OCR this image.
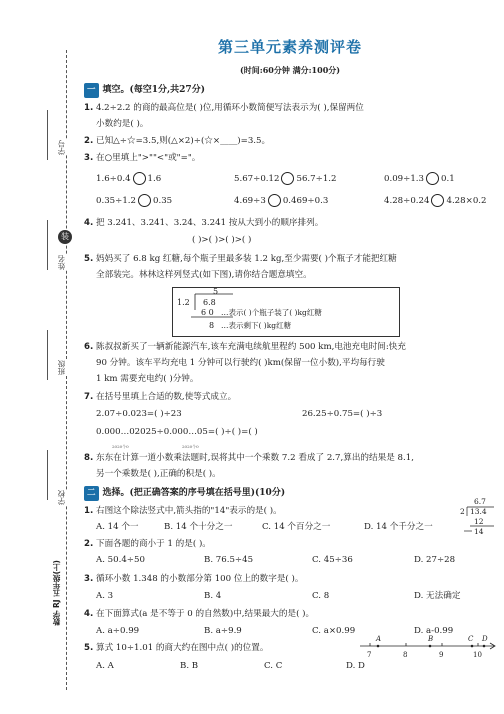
学号
姓名
班级
学校
装
数学 RJ 五年级(上)
第三单元素养测评卷
(时间:60分钟 满分:100分)
一 填空。(每空1分,共27分)
1. 4.2÷2.2 的商的最高位是( )位,用循环小数简便写法表示为( ),保留两位
小数约是( )。
2. 已知△÷☆=3.5,则(△×2)÷(☆×____)=3.5。
3. 在○里填上">""<"或"="。
1.6÷0.4 1.6	5.67÷0.12 56.7÷1.2	0.09÷1.3 0.1
0.35÷1.2 0.35	4.69÷3 0.469÷0.3	4.28÷0.24 4.28×0.2
4. 把 3.241、3.241、3.24、3.241 按从大到小的顺序排列。
( )>( )>( )>( )
5. 妈妈买了 6.8 kg 红糖,每个瓶子里最多装 1.2 kg,至少需要( )个瓶子才能把红糖
全部装完。林林这样列竖式(如下图),请你结合题意填空。
5
1.2 6.8
6 0 …表示( )个瓶子装了( )kg红糖
8 …表示剩下( )kg红糖
6. 陈叔叔新买了一辆新能源汽车,该车充满电续航里程约 500 km,电池充电时间:快充
90 分钟。该车平均充电 1 分钟可以行驶约( )km(保留一位小数),平均每行驶
1 km 需要充电约( )分钟。
7. 在括号里填上合适的数,使等式成立。
2.07÷0.023=( )÷23	26.25÷0.75=( )÷3
0.000…02025÷0.000…05=( )÷( )=( )
2020个0	2020个0
8. 东东在计算一道小数乘法题时,误将其中一个乘数 7.2 看成了 2.7,算出的结果是 8.1,
另一个乘数是( ),正确的积是( )。
二 选择。(把正确答案的序号填在括号里)(10分)
1. 右图这个除法竖式中,箭头指的"14"表示的是( )。
A. 14 个一	B. 14 个十分之一	C. 14 个百分之一	D. 14 个千分之一
6.7
2 13.4
12
14
2. 下面各题的商小于 1 的是( )。
A. 50.4÷50	B. 76.5÷45	C. 45÷36	D. 27÷28
3. 循环小数 1.348 的小数部分第 100 位上的数字是( )。
A. 3	B. 4	C. 8	D. 无法确定
4. 在下面算式(a 是不等于 0 的自然数)中,结果最大的是( )。
A. a÷0.99	B. a÷9.9	C. a×0.99	D. a-0.99
5. 算式 10÷1.01 的商大约在图中点( )的位置。
A. A	B. B	C. C	D. D
A	B	C D
7	8	9	10
